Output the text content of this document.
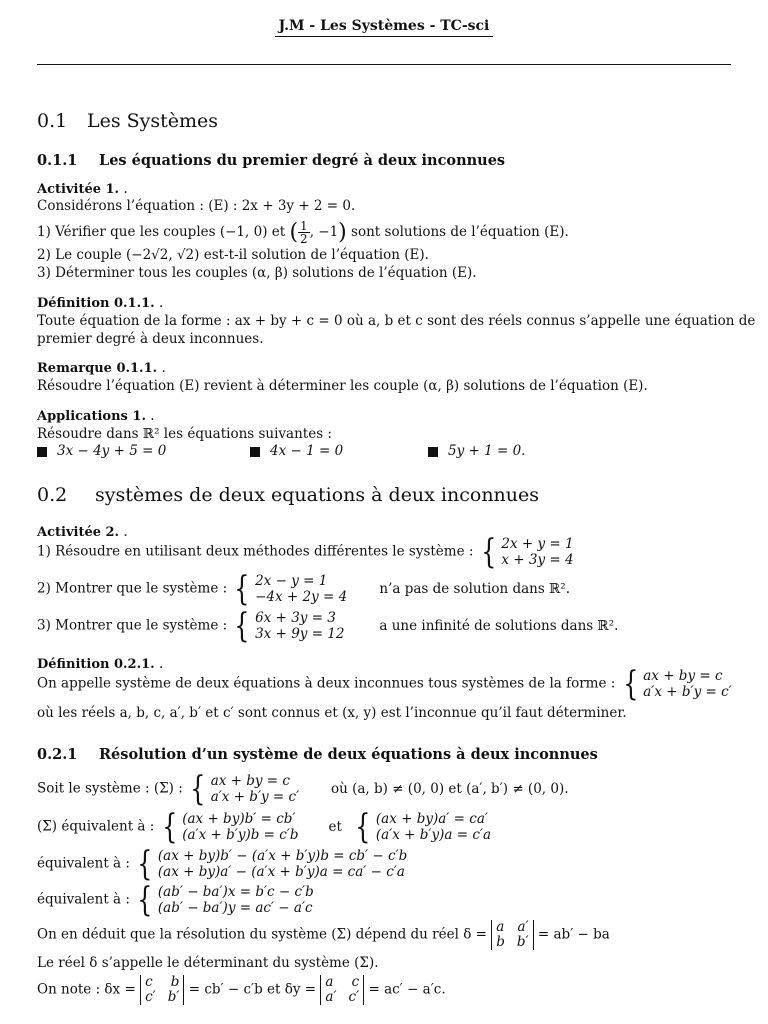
J.M - Les Systèmes - TC-sci
0.1 Les Systèmes
0.1.1 Les équations du premier degré à deux inconnues
Activitée 1. .
Considérons l’équation : (E) : 2x + 3y + 2 = 0.
1) Vérifier que les couples (−1, 0) et ( $\frac{1}{2}$ , −1) sont solutions de l’équation (E).
2) Le couple (−2√2, √2) est-t-il solution de l’équation (E).
3) Déterminer tous les couples (α, β) solutions de l’équation (E).
Définition 0.1.1. .
Toute équation de la forme : ax + by + c = 0 où a, b et c sont des réels connus s’appelle une équation de
premier degré à deux inconnues.
Remarque 0.1.1. .
Résoudre l’équation (E) revient à déterminer les couple (α, β) solutions de l’équation (E).
Applications 1. .
Résoudre dans ℝ² les équations suivantes :
3x − 4y + 5 = 0	4x − 1 = 0	5y + 1 = 0.
0.2 systèmes de deux equations à deux inconnues
Activitée 2. .
1) Résoudre en utilisant deux méthodes différentes le système : { 2x + y = 1
x + 3y = 4
2) Montrer que le système : { 2x − y = 1
−4x + 2y = 4
n’a pas de solution dans ℝ².
3) Montrer que le système : { 6x + 3y = 3
3x + 9y = 12
a une infinité de solutions dans ℝ².
Définition 0.2.1. .
On appelle système de deux équations à deux inconnues tous systèmes de la forme : { ax + by = c
a′x + b′y = c′
où les réels a, b, c, a′, b′ et c′ sont connus et (x, y) est l’inconnue qu’il faut déterminer.
0.2.1 Résolution d’un système de deux équations à deux inconnues
Soit le système : (Σ) : { ax + by = c
a′x + b′y = c′
où (a, b) ≠ (0, 0) et (a′, b′) ≠ (0, 0).
(Σ) équivalent à : { (ax + by)b′ = cb′
(a′x + b′y)b = c′b
et { (ax + by)a′ = ca′
(a′x + b′y)a = c′a
équivalent à : { (ax + by)b′ − (a′x + b′y)b = cb′ − c′b
(ax + by)a′ − (a′x + b′y)a = ca′ − c′a
équivalent à : { (ab′ − ba′)x = b′c − c′b
(ab′ − ba′)y = ac′ − a′c
On en déduit que la résolution du système (Σ) dépend du réel δ = a a′
b b′ = ab′ − ba
Le réel δ s’appelle le déterminant du système (Σ).
On note : δx = c b
c′ b′ = cb′ − c′b et δy = a c
a′ c′ = ac′ − a′c.
